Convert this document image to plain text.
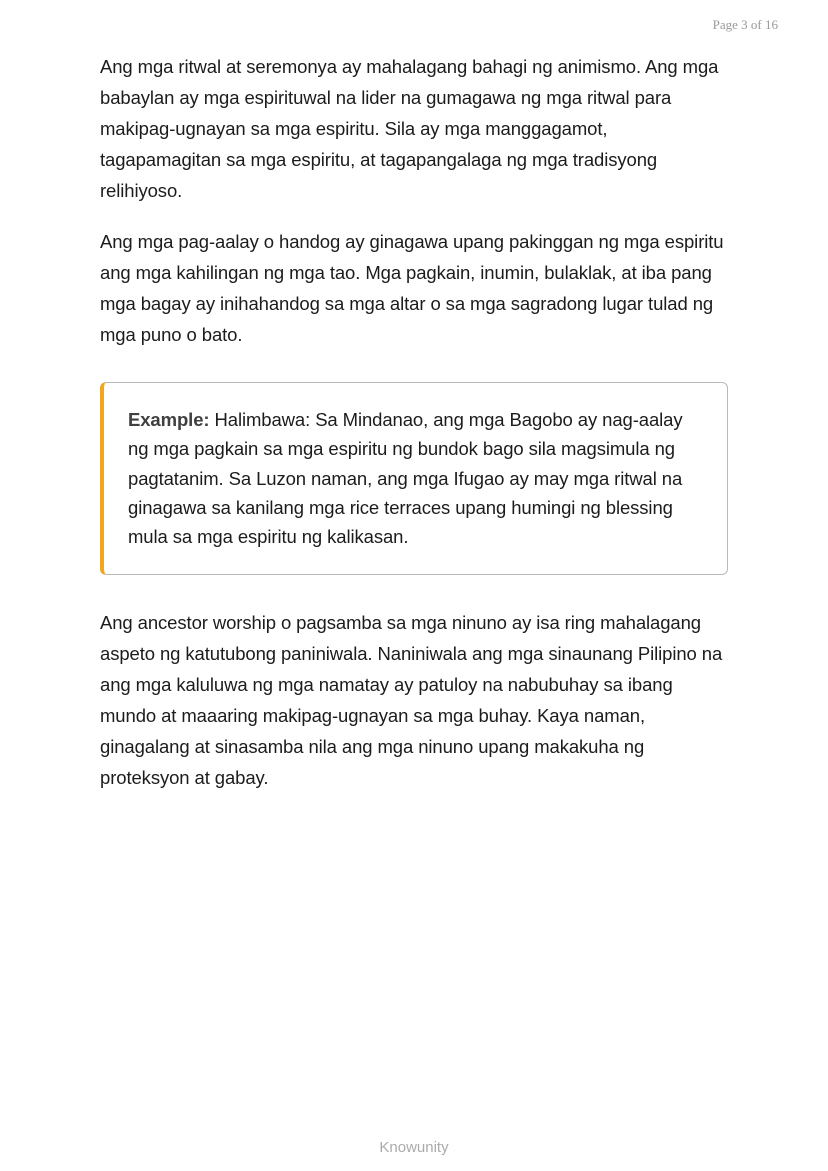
Page 3 of 16

Ang mga ritwal at seremonya ay mahalagang bahagi ng animismo. Ang mga babaylan ay mga espirituwal na lider na gumagawa ng mga ritwal para makipag-ugnayan sa mga espiritu. Sila ay mga manggagamot, tagapamagitan sa mga espiritu, at tagapangalaga ng mga tradisyong relihiyoso.

Ang mga pag-aalay o handog ay ginagawa upang pakinggan ng mga espiritu ang mga kahilingan ng mga tao. Mga pagkain, inumin, bulaklak, at iba pang mga bagay ay inihahandog sa mga altar o sa mga sagradong lugar tulad ng mga puno o bato.

Example: Halimbawa: Sa Mindanao, ang mga Bagobo ay nag-aalay ng mga pagkain sa mga espiritu ng bundok bago sila magsimula ng pagtatanim. Sa Luzon naman, ang mga Ifugao ay may mga ritwal na ginagawa sa kanilang mga rice terraces upang humingi ng blessing mula sa mga espiritu ng kalikasan.

Ang ancestor worship o pagsamba sa mga ninuno ay isa ring mahalagang aspeto ng katutubong paniniwala. Naniniwala ang mga sinaunang Pilipino na ang mga kaluluwa ng mga namatay ay patuloy na nabubuhay sa ibang mundo at maaaring makipag-ugnayan sa mga buhay. Kaya naman, ginagalang at sinasamba nila ang mga ninuno upang makakuha ng proteksyon at gabay.

Knowunity
